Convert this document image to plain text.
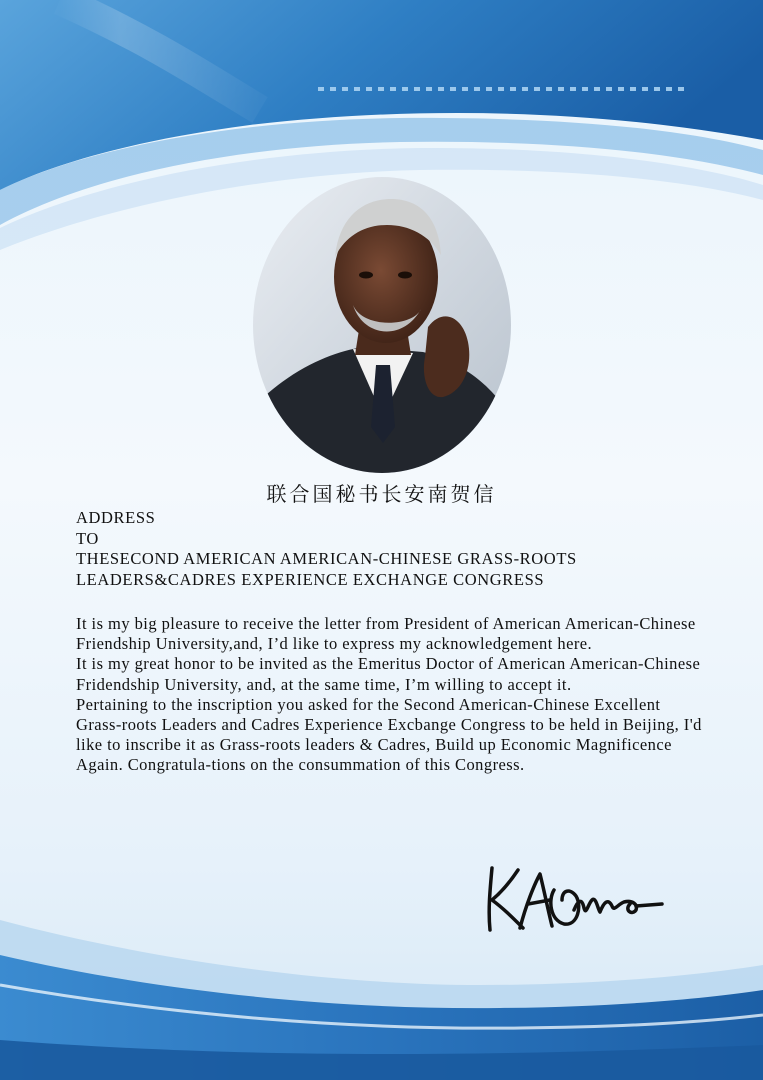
联合国秘书长安南贺信
ADDRESS
TO
THESECOND AMERICAN AMERICAN-CHINESE GRASS-ROOTS
LEADERS&CADRES EXPERIENCE EXCHANGE CONGRESS

It is my big pleasure to receive the letter from President of American American-Chinese Friendship University,and, I’d like to express my acknowledgement here.

It is my great honor to be invited as the Emeritus Doctor of American American-Chinese Fridendship University, and, at the same time, I’m willing to accept it.

Pertaining to the inscription you asked for the Second American-Chinese Excellent Grass-roots Leaders and Cadres Experience Excbange Congress to be held in Beijing, I'd like to inscribe it as Grass-roots leaders & Cadres, Build up Economic Magnificence Again. Congratula-tions on the consummation of this Congress.
